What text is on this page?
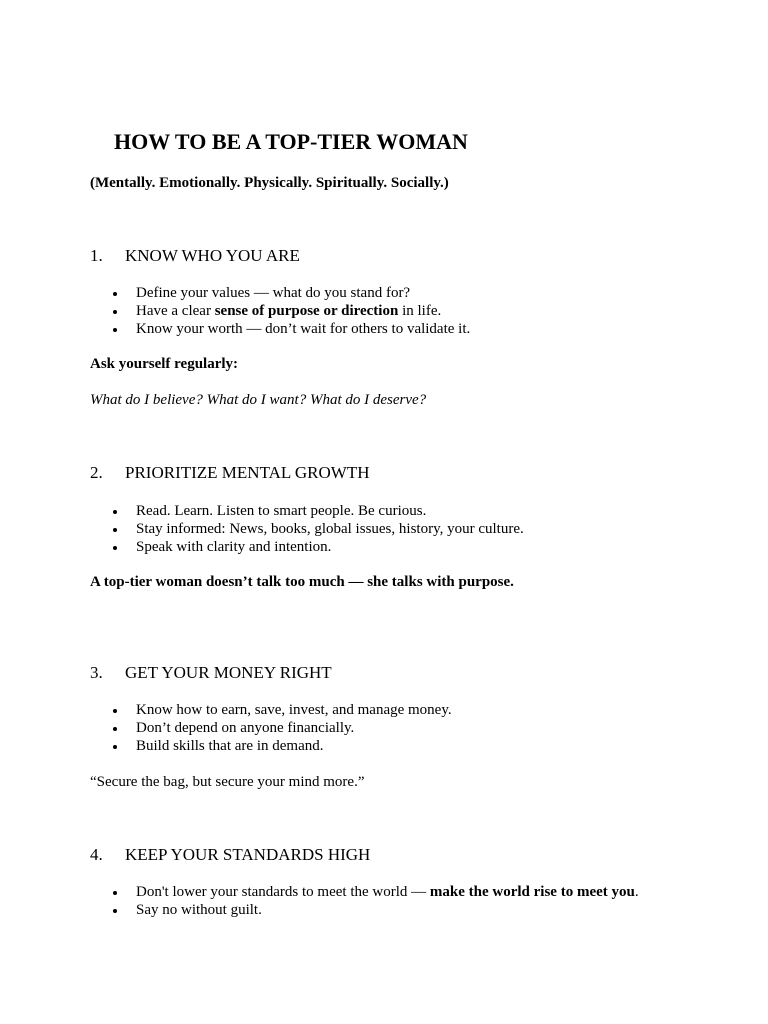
HOW TO BE A TOP-TIER WOMAN

(Mentally. Emotionally. Physically. Spiritually. Socially.)

1. KNOW WHO YOU ARE
Define your values — what do you stand for?
Have a clear sense of purpose or direction in life.
Know your worth — don’t wait for others to validate it.

Ask yourself regularly:

What do I believe? What do I want? What do I deserve?

2. PRIORITIZE MENTAL GROWTH
Read. Learn. Listen to smart people. Be curious.
Stay informed: News, books, global issues, history, your culture.
Speak with clarity and intention.

A top-tier woman doesn’t talk too much — she talks with purpose.

3. GET YOUR MONEY RIGHT
Know how to earn, save, invest, and manage money.
Don’t depend on anyone financially.
Build skills that are in demand.

“Secure the bag, but secure your mind more.”

4. KEEP YOUR STANDARDS HIGH
Don't lower your standards to meet the world — make the world rise to meet you.
Say no without guilt.
